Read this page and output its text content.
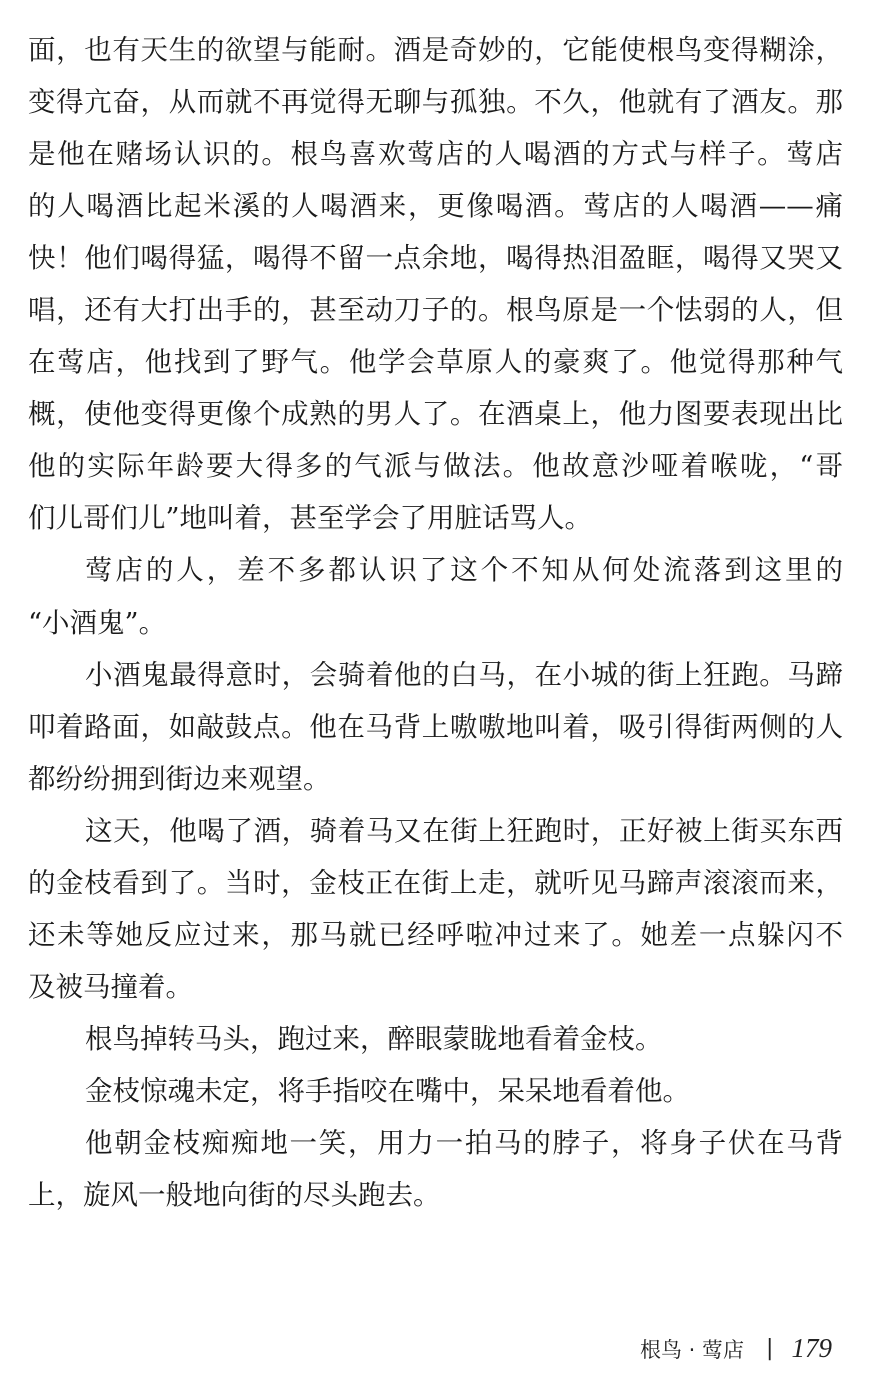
面，也有天生的欲望与能耐。酒是奇妙的，它能使根鸟变得糊涂，
变得亢奋，从而就不再觉得无聊与孤独。不久，他就有了酒友。那
是他在赌场认识的。根鸟喜欢莺店的人喝酒的方式与样子。莺店
的人喝酒比起米溪的人喝酒来，更像喝酒。莺店的人喝酒——痛
快！他们喝得猛，喝得不留一点余地，喝得热泪盈眶，喝得又哭又
唱，还有大打出手的，甚至动刀子的。根鸟原是一个怯弱的人，但
在莺店，他找到了野气。他学会草原人的豪爽了。他觉得那种气
概，使他变得更像个成熟的男人了。在酒桌上，他力图要表现出比
他的实际年龄要大得多的气派与做法。他故意沙哑着喉咙，“哥
们儿哥们儿”地叫着，甚至学会了用脏话骂人。
莺店的人，差不多都认识了这个不知从何处流落到这里的
“小酒鬼”。
小酒鬼最得意时，会骑着他的白马，在小城的街上狂跑。马蹄
叩着路面，如敲鼓点。他在马背上嗷嗷地叫着，吸引得街两侧的人
都纷纷拥到街边来观望。
这天，他喝了酒，骑着马又在街上狂跑时，正好被上街买东西
的金枝看到了。当时，金枝正在街上走，就听见马蹄声滚滚而来，
还未等她反应过来，那马就已经呼啦冲过来了。她差一点躲闪不
及被马撞着。
根鸟掉转马头，跑过来，醉眼蒙眬地看着金枝。
金枝惊魂未定，将手指咬在嘴中，呆呆地看着他。
他朝金枝痴痴地一笑，用力一拍马的脖子，将身子伏在马背
上，旋风一般地向街的尽头跑去。
根鸟 · 莺店 | 179
